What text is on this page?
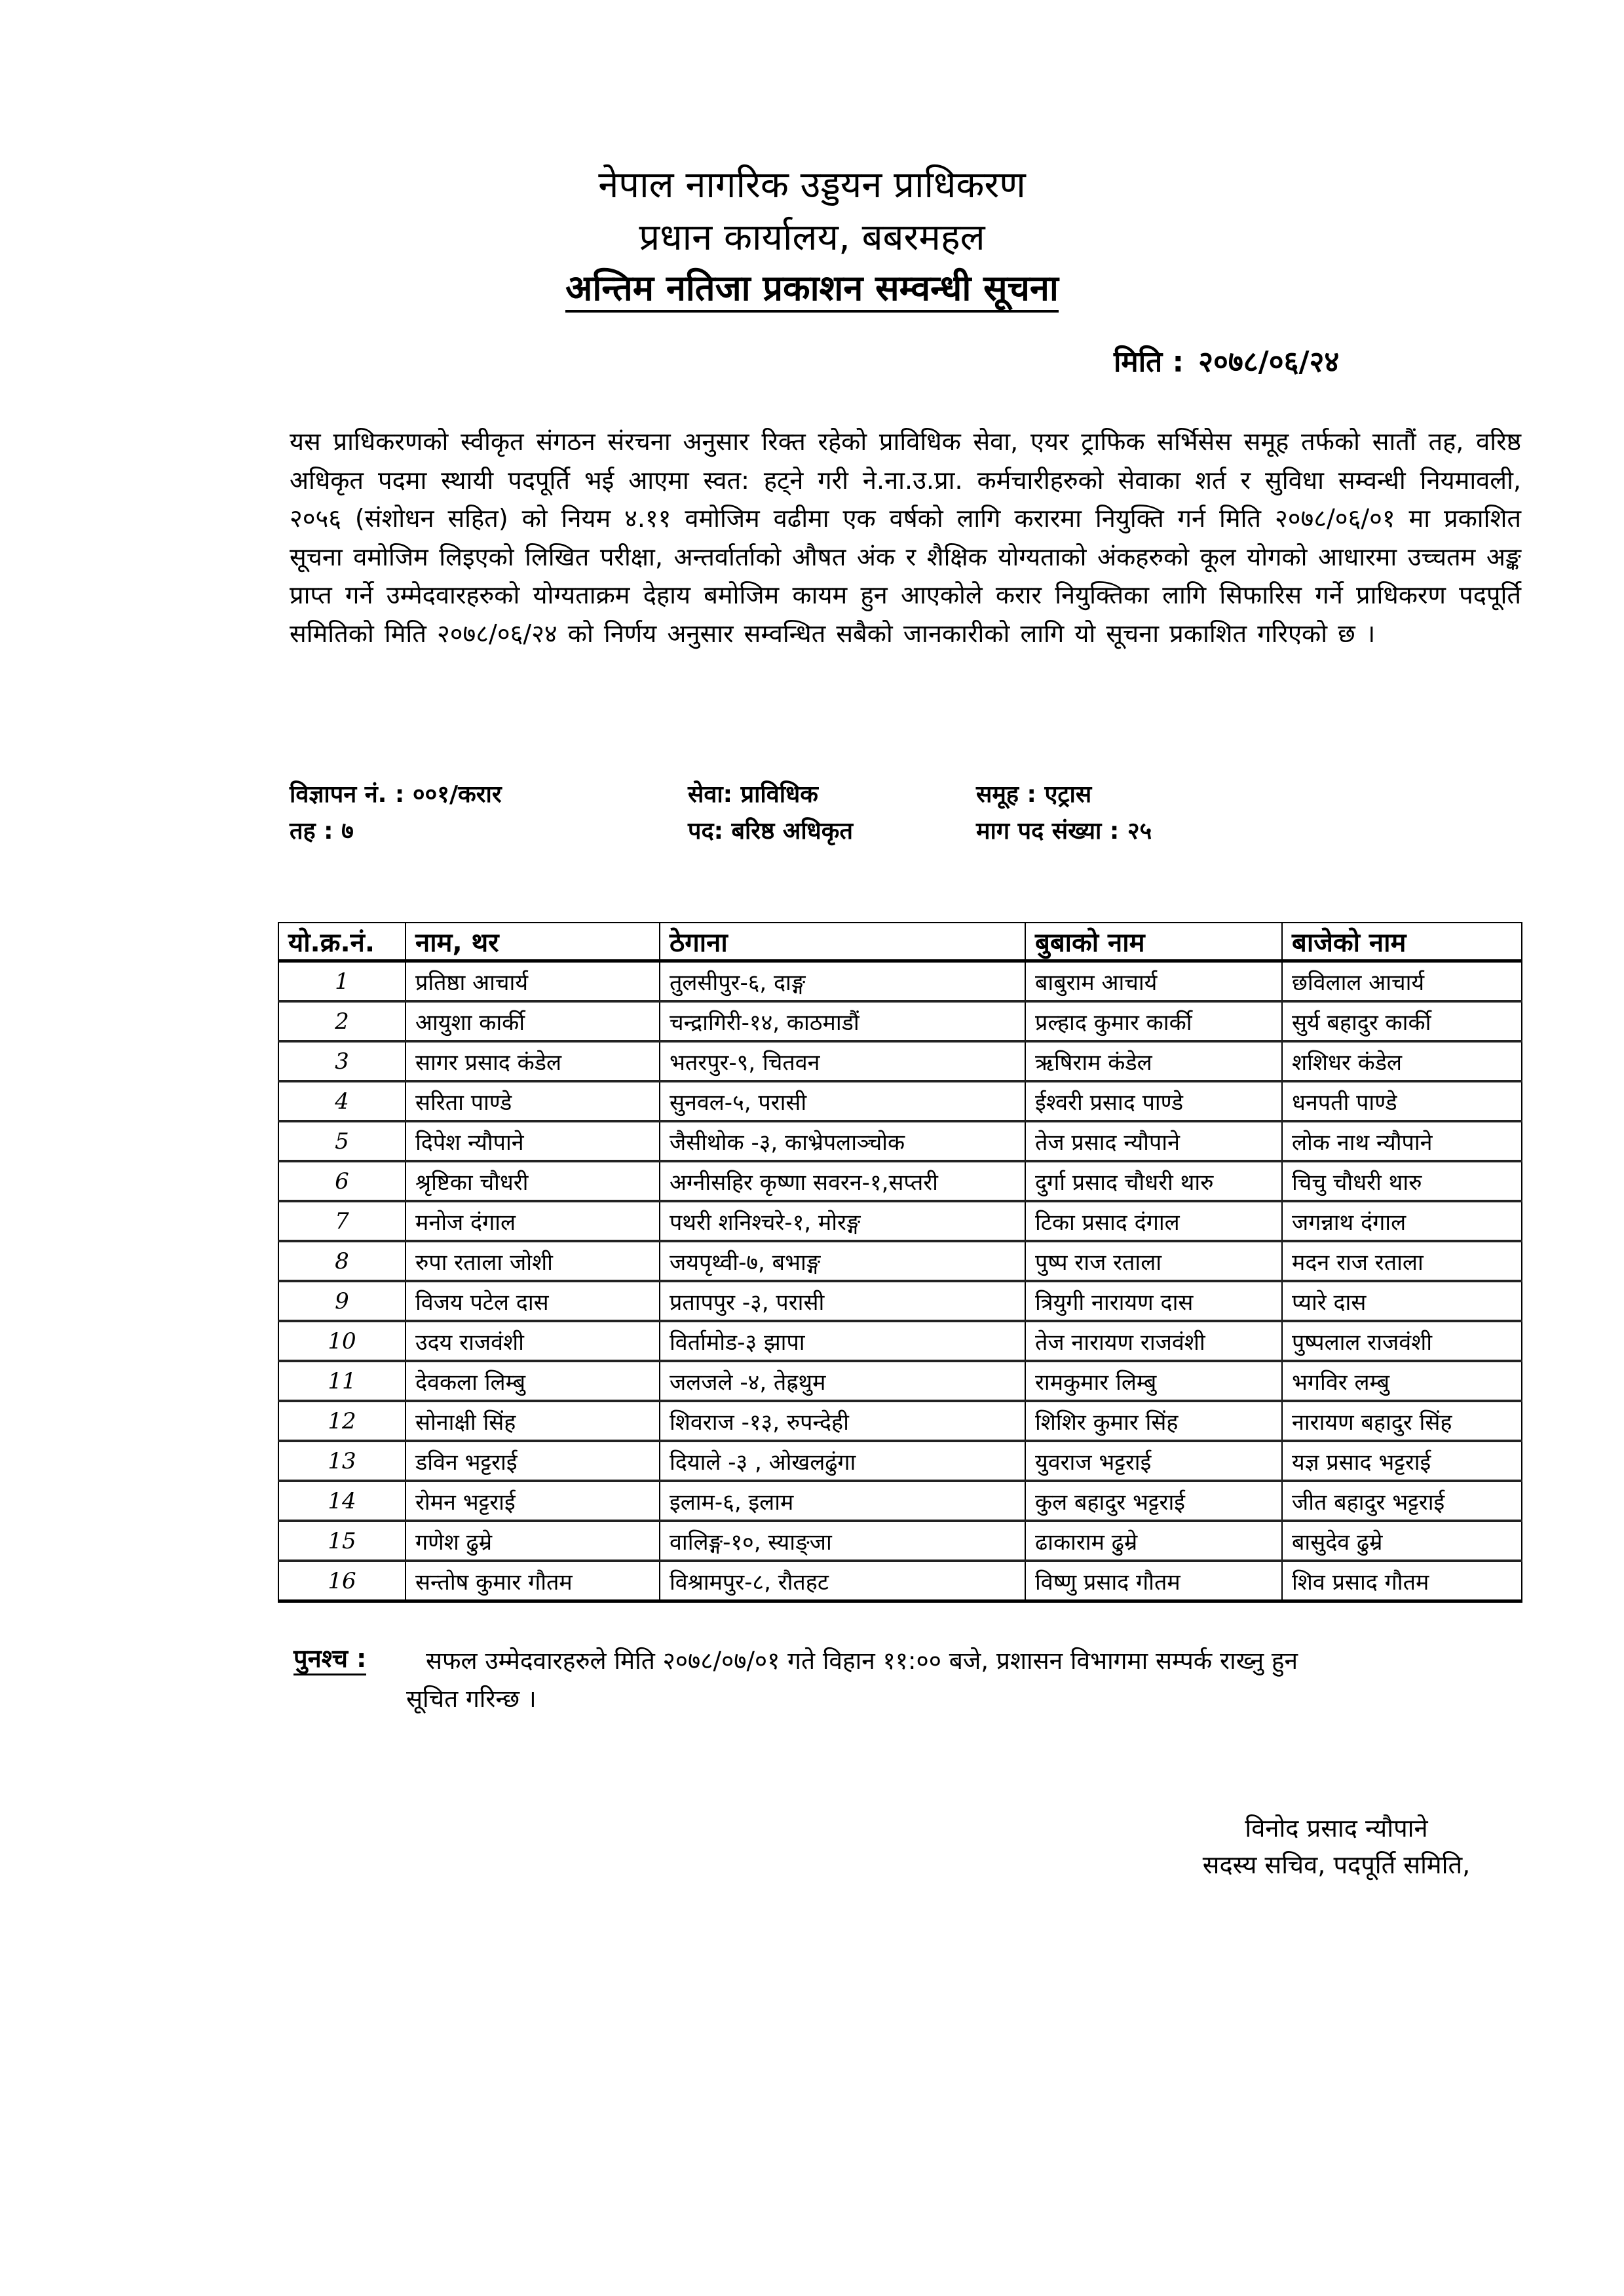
नेपाल नागरिक उड्डयन प्राधिकरण
प्रधान कार्यालय, बबरमहल
अन्तिम नतिजा प्रकाशन सम्वन्धी सूचना
मिति : २०७८/०६/२४
यस प्राधिकरणको स्वीकृत संगठन संरचना अनुसार रिक्त रहेको प्राविधिक सेवा, एयर ट्राफिक सर्भिसेस समूह तर्फको सातौं तह, वरिष्ठ अधिकृत पदमा स्थायी पदपूर्ति भई आएमा स्वत: हट्ने गरी ने.ना.उ.प्रा. कर्मचारीहरुको सेवाका शर्त र सुविधा सम्वन्धी नियमावली, २०५६ (संशोधन सहित) को नियम ४.११ वमोजिम वढीमा एक वर्षको लागि करारमा नियुक्ति गर्न मिति २०७८/०६/०१ मा प्रकाशित सूचना वमोजिम लिइएको लिखित परीक्षा, अन्तर्वार्ताको औषत अंक र शैक्षिक योग्यताको अंकहरुको कूल योगको आधारमा उच्चतम अङ्क प्राप्त गर्ने उम्मेदवारहरुको योग्यताक्रम देहाय बमोजिम कायम हुन आएकोले करार नियुक्तिका लागि सिफारिस गर्ने प्राधिकरण पदपूर्ति समितिको मिति २०७८/०६/२४ को निर्णय अनुसार सम्वन्धित सबैको जानकारीको लागि यो सूचना प्रकाशित गरिएको छ ।
विज्ञापन नं. : ००१/करार	सेवा: प्राविधिक	समूह : एट्रास
तह : ७	पद: बरिष्ठ अधिकृत	माग पद संख्या : २५
यो.क्र.नं.	नाम, थर	ठेगाना	बुबाको नाम	बाजेको नाम
1	प्रतिष्ठा आचार्य	तुलसीपुर-६, दाङ्ग	बाबुराम आचार्य	छविलाल आचार्य
2	आयुशा कार्की	चन्द्रागिरी-१४, काठमाडौं	प्रल्हाद कुमार कार्की	सुर्य बहादुर कार्की
3	सागर प्रसाद कंडेल	भतरपुर-९, चितवन	ऋषिराम कंडेल	शशिधर कंडेल
4	सरिता पाण्डे	सुनवल-५, परासी	ईश्वरी प्रसाद पाण्डे	धनपती पाण्डे
5	दिपेश न्यौपाने	जैसीथोक -३, काभ्रेपलाञ्चोक	तेज प्रसाद न्यौपाने	लोक नाथ न्यौपाने
6	श्रृष्टिका चौधरी	अग्नीसहिर कृष्णा सवरन-१,सप्तरी	दुर्गा प्रसाद चौधरी थारु	चिचु चौधरी थारु
7	मनोज दंगाल	पथरी शनिश्चरे-१, मोरङ्ग	टिका प्रसाद दंगाल	जगन्नाथ दंगाल
8	रुपा रताला जोशी	जयपृथ्वी-७, बभाङ्ग	पुष्प राज रताला	मदन राज रताला
9	विजय पटेल दास	प्रतापपुर -३, परासी	त्रियुगी नारायण दास	प्यारे दास
10	उदय राजवंशी	विर्तामोड-३ झापा	तेज नारायण राजवंशी	पुष्पलाल राजवंशी
11	देवकला लिम्बु	जलजले -४, तेह्रथुम	रामकुमार लिम्बु	भगविर लम्बु
12	सोनाक्षी सिंह	शिवराज -१३, रुपन्देही	शिशिर कुमार सिंह	नारायण बहादुर सिंह
13	डविन भट्टराई	दियाले -३ , ओखलढुंगा	युवराज भट्टराई	यज्ञ प्रसाद भट्टराई
14	रोमन भट्टराई	इलाम-६, इलाम	कुल बहादुर भट्टराई	जीत बहादुर भट्टराई
15	गणेश ढुम्रे	वालिङ्ग-१०, स्याङ्जा	ढाकाराम ढुम्रे	बासुदेव ढुम्रे
16	सन्तोष कुमार गौतम	विश्रामपुर-८, रौतहट	विष्णु प्रसाद गौतम	शिव प्रसाद गौतम
पुनश्च : सफल उम्मेदवारहरुले मिति २०७८/०७/०१ गते विहान ११:०० बजे, प्रशासन विभागमा सम्पर्क राख्नु हुन
सूचित गरिन्छ ।
विनोद प्रसाद न्यौपाने
सदस्य सचिव, पदपूर्ति समिति,
